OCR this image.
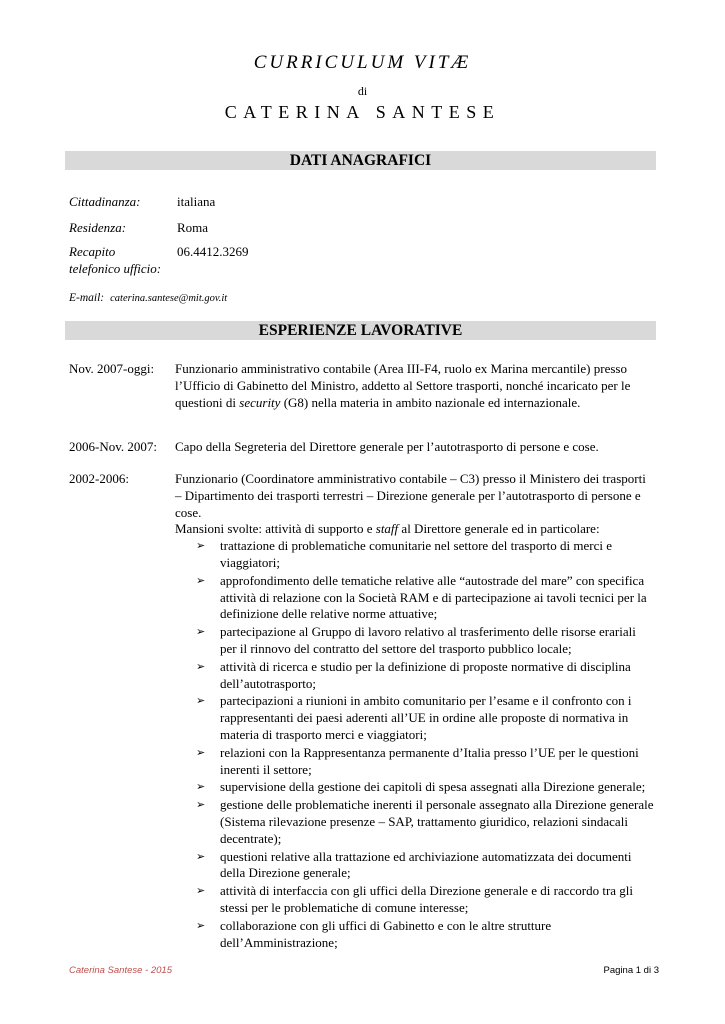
CURRICULUM VITÆ
di
CATERINA SANTESE
DATI ANAGRAFICI
Cittadinanza:	italiana
Residenza:	Roma
Recapito telefonico ufficio:
06.4412.3269
E-mail: caterina.santese@mit.gov.it
ESPERIENZE LAVORATIVE
Nov. 2007-oggi: Funzionario amministrativo contabile (Area III-F4, ruolo ex Marina mercantile) presso l’Ufficio di Gabinetto del Ministro, addetto al Settore trasporti, nonché incaricato per le questioni di security (G8) nella materia in ambito nazionale ed internazionale.

2006-Nov. 2007: Capo della Segreteria del Direttore generale per l’autotrasporto di persone e cose.

2002-2006:	Funzionario (Coordinatore amministrativo contabile – C3) presso il Ministero dei trasporti – Dipartimento dei trasporti terrestri – Direzione generale per l’autotrasporto di persone e cose.

Mansioni svolte: attività di supporto e staff al Direttore generale ed in particolare:

➢ trattazione di problematiche comunitarie nel settore del trasporto di merci e viaggiatori;
➢ approfondimento delle tematiche relative alle “autostrade del mare” con specifica attività di relazione con la Società RAM e di partecipazione ai tavoli tecnici per la definizione delle relative norme attuative;
➢ partecipazione al Gruppo di lavoro relativo al trasferimento delle risorse erariali per il rinnovo del contratto del settore del trasporto pubblico locale;
➢ attività di ricerca e studio per la definizione di proposte normative di disciplina dell’autotrasporto;
➢ partecipazioni a riunioni in ambito comunitario per l’esame e il confronto con i rappresentanti dei paesi aderenti all’UE in ordine alle proposte di normativa in materia di trasporto merci e viaggiatori;
➢ relazioni con la Rappresentanza permanente d’Italia presso l’UE per le questioni inerenti il settore;
➢ supervisione della gestione dei capitoli di spesa assegnati alla Direzione generale;
➢ gestione delle problematiche inerenti il personale assegnato alla Direzione generale (Sistema rilevazione presenze – SAP, trattamento giuridico, relazioni sindacali decentrate);
➢ questioni relative alla trattazione ed archiviazione automatizzata dei documenti della Direzione generale;
➢ attività di interfaccia con gli uffici della Direzione generale e di raccordo tra gli stessi per le problematiche di comune interesse;
➢ collaborazione con gli uffici di Gabinetto e con le altre strutture dell’Amministrazione;
Caterina Santese - 2015	Pagina 1 di 3
